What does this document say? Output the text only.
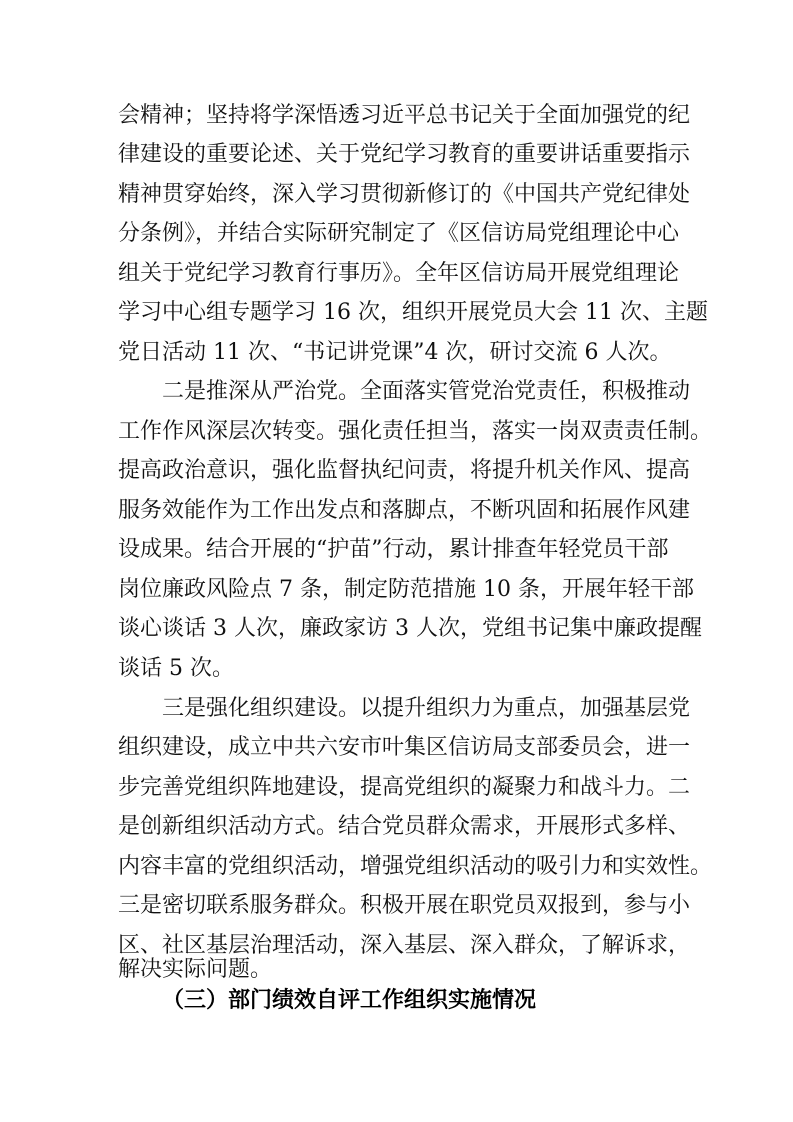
会精神；坚持将学深悟透习近平总书记关于全面加强党的纪
律建设的重要论述、关于党纪学习教育的重要讲话重要指示
精神贯穿始终，深入学习贯彻新修订的《中国共产党纪律处
分条例》，并结合实际研究制定了《区信访局党组理论中心
组关于党纪学习教育行事历》。全年区信访局开展党组理论
学习中心组专题学习 16 次，组织开展党员大会 11 次、主题
党日活动 11 次、“书记讲党课”4 次，研讨交流 6 人次。
二是推深从严治党。全面落实管党治党责任，积极推动
工作作风深层次转变。强化责任担当，落实一岗双责责任制。
提高政治意识，强化监督执纪问责，将提升机关作风、提高
服务效能作为工作出发点和落脚点，不断巩固和拓展作风建
设成果。结合开展的“护苗”行动，累计排查年轻党员干部
岗位廉政风险点 7 条，制定防范措施 10 条，开展年轻干部
谈心谈话 3 人次，廉政家访 3 人次，党组书记集中廉政提醒
谈话 5 次。
三是强化组织建设。以提升组织力为重点，加强基层党
组织建设，成立中共六安市叶集区信访局支部委员会，进一
步完善党组织阵地建设，提高党组织的凝聚力和战斗力。二
是创新组织活动方式。结合党员群众需求，开展形式多样、
内容丰富的党组织活动，增强党组织活动的吸引力和实效性。
三是密切联系服务群众。积极开展在职党员双报到，参与小
区、社区基层治理活动，深入基层、深入群众，了解诉求，
解决实际问题。
（三）部门绩效自评工作组织实施情况
